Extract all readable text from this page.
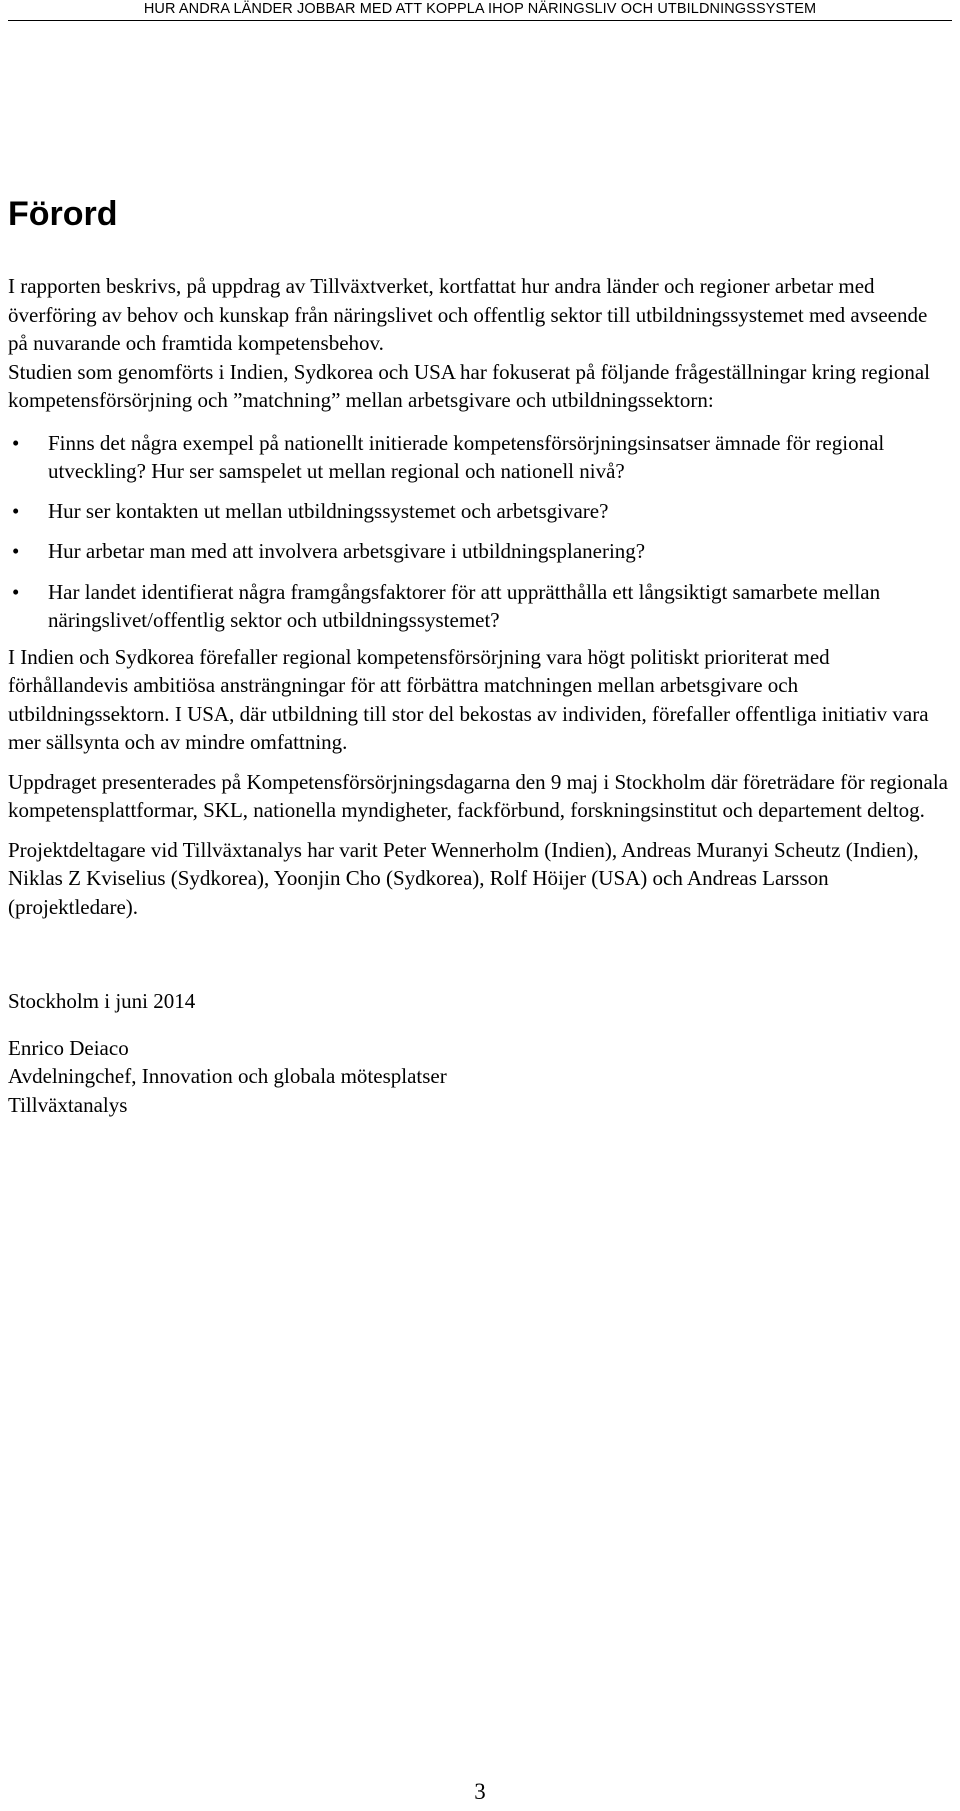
HUR ANDRA LÄNDER JOBBAR MED ATT KOPPLA IHOP NÄRINGSLIV OCH UTBILDNINGSSYSTEM
Förord

I rapporten beskrivs, på uppdrag av Tillväxtverket, kortfattat hur andra länder och regioner arbetar med överföring av behov och kunskap från näringslivet och offentlig sektor till utbildningssystemet med avseende på nuvarande och framtida kompetensbehov.

Studien som genomförts i Indien, Sydkorea och USA har fokuserat på följande frågeställningar kring regional kompetensförsörjning och ”matchning” mellan arbetsgivare och utbildningssektorn:

• Finns det några exempel på nationellt initierade kompetensförsörjningsinsatser ämnade för regional utveckling? Hur ser samspelet ut mellan regional och nationell nivå?
• Hur ser kontakten ut mellan utbildningssystemet och arbetsgivare?
• Hur arbetar man med att involvera arbetsgivare i utbildningsplanering?
• Har landet identifierat några framgångsfaktorer för att upprätthålla ett långsiktigt samarbete mellan näringslivet/offentlig sektor och utbildningssystemet?

I Indien och Sydkorea förefaller regional kompetensförsörjning vara högt politiskt prioriterat med förhållandevis ambitiösa ansträngningar för att förbättra matchningen mellan arbetsgivare och utbildningssektorn. I USA, där utbildning till stor del bekostas av individen, förefaller offentliga initiativ vara mer sällsynta och av mindre omfattning.

Uppdraget presenterades på Kompetensförsörjningsdagarna den 9 maj i Stockholm där företrädare för regionala kompetensplattformar, SKL, nationella myndigheter, fackförbund, forskningsinstitut och departement deltog.

Projektdeltagare vid Tillväxtanalys har varit Peter Wennerholm (Indien), Andreas Muranyi Scheutz (Indien), Niklas Z Kviselius (Sydkorea), Yoonjin Cho (Sydkorea), Rolf Höijer (USA) och Andreas Larsson (projektledare).

Stockholm i juni 2014

Enrico Deiaco

Avdelningchef, Innovation och globala mötesplatser

Tillväxtanalys

3
